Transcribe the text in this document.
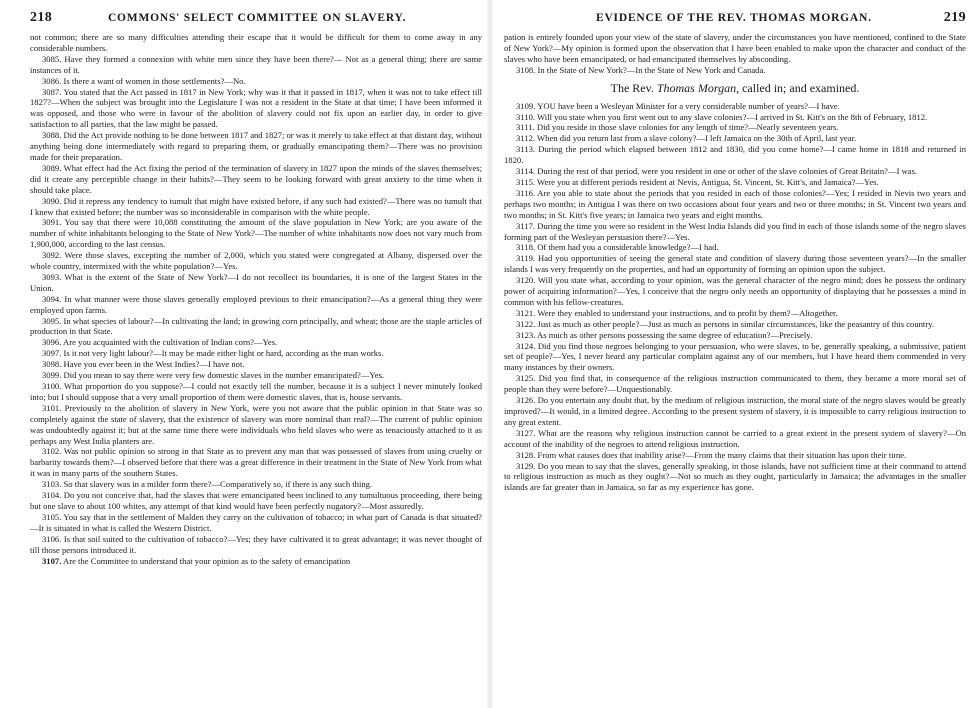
218	COMMONS' SELECT COMMITTEE ON SLAVERY.

not common; there are so many difficulties attending their escape that it would be difficult for them to come away in any considerable numbers.

3085. Have they formed a connexion with white men since they have been there?— Not as a general thing; there are some instances of it.

3086. Is there a want of women in those settlements?—No.

3087. You stated that the Act passed in 1817 in New York; why was it that it passed in 1817, when it was not to take effect till 1827?—When the subject was brought into the Legislature I was not a resident in the State at that time; I have been informed it was opposed, and those who were in favour of the abolition of slavery could not fix upon an earlier day, in order to give satisfaction to all parties, that the law might be passed.

3088. Did the Act provide nothing to be done between 1817 and 1827; or was it merely to take effect at that distant day, without anything being done intermediately with regard to preparing them, or gradually emancipating them?—There was no provision made for their preparation.

3089. What effect had the Act fixing the period of the termination of slavery in 1827 upon the minds of the slaves themselves; did it create any perceptible change in their habits?—They seem to be looking forward with great anxiety to the time when it should take place.

3090. Did it repress any tendency to tumult that might have existed before, if any such had existed?—There was no tumult that I knew that existed before; the number was so inconsiderable in comparison with the white people.

3091. You say that there were 10,088 constituting the amount of the slave population in New York; are you aware of the number of white inhabitants belonging to the State of New York?—The number of white inhabitants now does not vary much from 1,900,000, according to the last census.

3092. Were those slaves, excepting the number of 2,000, which you stated were congregated at Albany, dispersed over the whole country, intermixed with the white population?—Yes.

3093. What is the extent of the State of New York?—I do not recollect its boundaries, it is one of the largest States in the Union.

3094. In what manner were those slaves generally employed previous to their emancipation?—As a general thing they were employed upon farms.

3095. In what species of labour?—In cultivating the land; in growing corn principally, and wheat; those are the staple articles of production in that State.

3096. Are you acquainted with the cultivation of Indian corn?—Yes.

3097. Is it not very light labour?—It may be made either light or hard, according as the man works.

3098. Have you ever been in the West Indies?—I have not.

3099. Did you mean to say there were very few domestic slaves in the number emancipated?—Yes.

3100. What proportion do you suppose?—I could not exactly tell the number, because it is a subject I never minutely looked into; but I should suppose that a very small proportion of them were domestic slaves, that is, house servants.

3101. Previously to the abolition of slavery in New York, were you not aware that the public opinion in that State was so completely against the state of slavery, that the existence of slavery was more nominal than real?—The current of public opinion was undoubtedly against it; but at the same time there were individuals who held slaves who were as tenaciously attached to it as perhaps any West India planters are.

3102. Was not public opinion so strong in that State as to prevent any man that was possessed of slaves from using cruelty or barbarity towards them?—I observed before that there was a great difference in their treatment in the State of New York from what it was in many parts of the southern States.

3103. So that slavery was in a milder form there?—Comparatively so, if there is any such thing.

3104. Do you not conceive that, had the slaves that were emancipated been inclined to any tumultuous proceeding, there being but one slave to about 100 whites, any attempt of that kind would have been perfectly nugatory?—Most assuredly.

3105. You say that in the settlement of Malden they carry on the cultivation of tobacco; in what part of Canada is that situated?—It is situated in what is called the Western District.

3106. Is that soil suited to the cultivation of tobacco?—Yes; they have cultivated it to great advantage; it was never thought of till those persons introduced it.

3107. Are the Committee to understand that your opinion as to the safety of emancipation

EVIDENCE OF THE REV. THOMAS MORGAN.	219

pation is entirely founded upon your view of the state of slavery, under the circumstances you have mentioned, confined to the State of New York?—My opinion is formed upon the observation that I have been enabled to make upon the character and conduct of the slaves who have been emancipated, or had emancipated themselves by absconding.

3108. In the State of New York?—In the State of New York and Canada.

The Rev. Thomas Morgan, called in; and examined.

3109. YOU have been a Wesleyan Minister for a very considerable number of years?—I have.

3110. Will you state when you first went out to any slave colonies?—I arrived in St. Kitt's on the 8th of February, 1812.

3111. Did you reside in those slave colonies for any length of time?—Nearly seventeen years.

3112. When did you return last from a slave colony?—I left Jamaica on the 30th of April, last year.

3113. During the period which elapsed between 1812 and 1830, did you come home?—I came home in 1818 and returned in 1820.

3114. During the rest of that period, were you resident in one or other of the slave colonies of Great Britain?—I was.

3115. Were you at different periods resident at Nevis, Antigua, St. Vincent, St. Kitt's, and Jamaica?—Yes.

3116. Are you able to state about the periods that you resided in each of those colonies?—Yes; I resided in Nevis two years and perhaps two months; in Antigua I was there on two occasions about four years and two or three months; in St. Vincent two years and two months; in St. Kitt's five years; in Jamaica two years and eight months.

3117. During the time you were so resident in the West India Islands did you find in each of those islands some of the negro slaves forming part of the Wesleyan persuasion there?—Yes.

3118. Of them had you a considerable knowledge?—I had.

3119. Had you opportunities of seeing the general state and condition of slavery during those seventeen years?—In the smaller islands I was very frequently on the properties, and had an opportunity of forming an opinion upon the subject.

3120. Will you state what, according to your opinion, was the general character of the negro mind; does he possess the ordinary power of acquiring information?—Yes, I conceive that the negro only needs an opportunity of displaying that he possesses a mind in common with his fellow-creatures.

3121. Were they enabled to understand your instructions, and to profit by them?—Altogether.

3122. Just as much as other people?—Just as much as persons in similar circumstances, like the peasantry of this country.

3123. As much as other persons possessing the same degree of education?—Precisely.

3124. Did you find those negroes belonging to your persuasion, who were slaves, to be, generally speaking, a submissive, patient set of people?—Yes, I never heard any particular complaint against any of our members, but I have heard them commended in very many instances by their owners.

3125. Did you find that, in consequence of the religious instruction communicated to them, they became a more moral set of people than they were before?—Unquestionably.

3126. Do you entertain any doubt that, by the medium of religious instruction, the moral state of the negro slaves would be greatly improved?—It would, in a limited degree. According to the present system of slavery, it is impossible to carry religious instruction to any great extent.

3127. What are the reasons why religious instruction cannot be carried to a great extent in the present system of slavery?—On account of the inability of the negroes to attend religious instruction.

3128. From what causes does that inability arise?—From the many claims that their situation has upon their time.

3129. Do you mean to say that the slaves, generally speaking, in those islands, have not sufficient time at their command to attend to religious instruction as much as they ought?—Not so much as they ought, particularly in Jamaica; the advantages in the smaller islands are far greater than in Jamaica, so far as my experience has gone.
